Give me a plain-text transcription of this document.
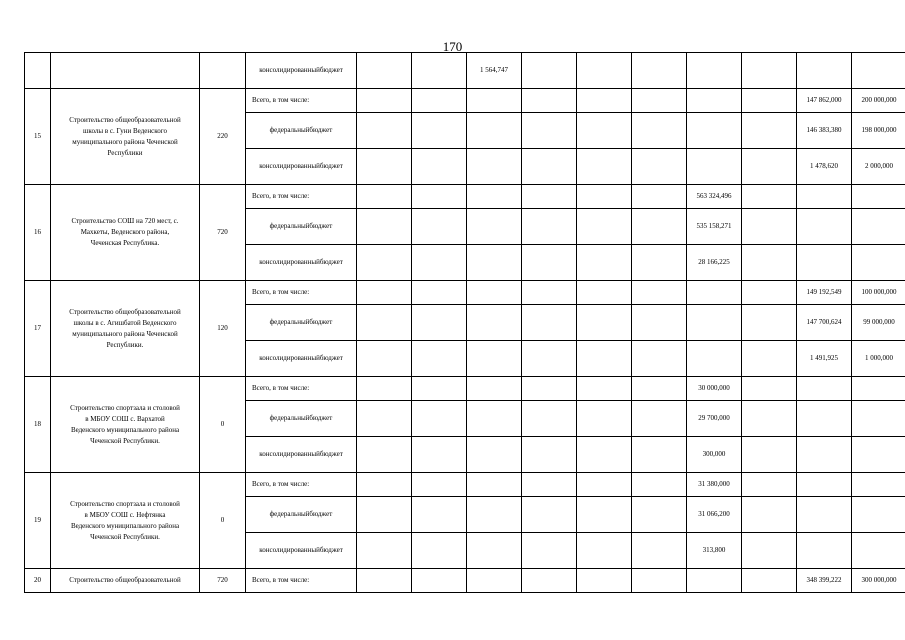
170
			консолидированныйбюджет			1 564,747								
15	Строительство общеобразовательной
школы в с. Гуни Веденского
муниципального района Чеченской
Республики	220	Всего, в том числе:									147 862,000	200 000,000	
			федеральныйбюджет									146 383,380	198 000,000	
			консолидированныйбюджет									1 478,620	2 000,000	
16	Строительство СОШ на 720 мест, с.
Махкеты, Веденского района,
Чеченская Республика.	720	Всего, в том числе:							563 324,496				
			федеральныйбюджет							535 158,271				
			консолидированныйбюджет							28 166,225				
17	Строительство общеобразовательной
школы в с. Агишбатой Веденского
муниципального района Чеченской
Республики.	120	Всего, в том числе:									149 192,549	100 000,000	
			федеральныйбюджет									147 700,624	99 000,000	
			консолидированныйбюджет									1 491,925	1 000,000	
18	Строительство спортзала и столовой
в МБОУ СОШ с. Вархатой
Веденского муниципального района
Чеченской Республики.	0	Всего, в том числе:							30 000,000				
			федеральныйбюджет							29 700,000				
			консолидированныйбюджет							300,000				
19	Строительство спортзала и столовой
в МБОУ СОШ с. Нефтянка
Веденского муниципального района
Чеченской Республики.	0	Всего, в том числе:							31 380,000				
			федеральныйбюджет							31 066,200				
			консолидированныйбюджет							313,800				
20	Строительство общеобразовательной	720	Всего, в том числе:									348 399,222	300 000,000	
